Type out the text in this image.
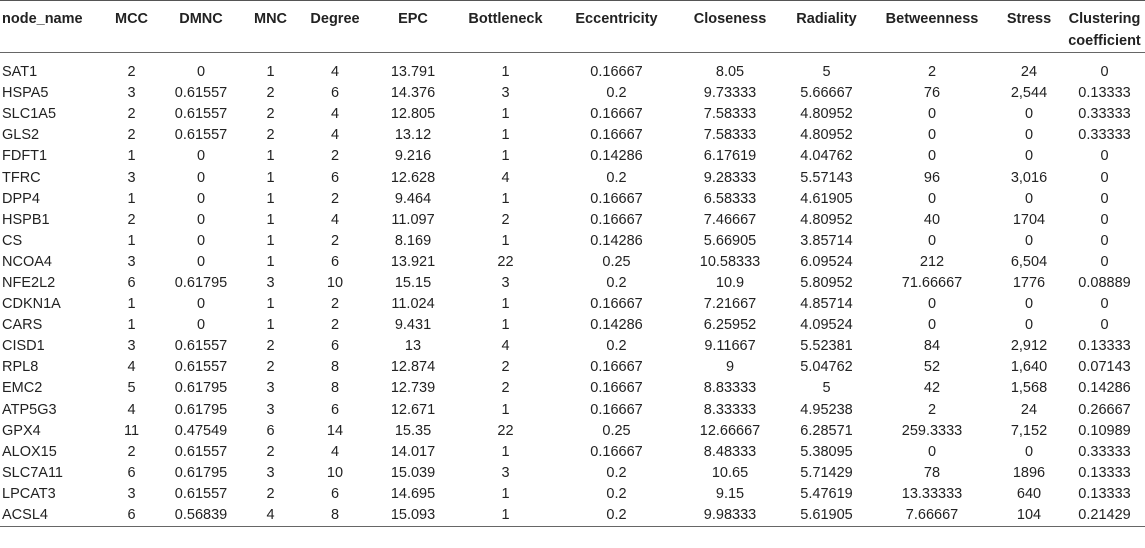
node_name	MCC	DMNC	MNC	Degree	EPC	Bottleneck	Eccentricity	Closeness	Radiality	Betweenness	Stress	Clustering coefficient
SAT1	2	0	1	4	13.791	1	0.16667	8.05	5	2	24	0
HSPA5	3	0.61557	2	6	14.376	3	0.2	9.73333	5.66667	76	2,544	0.13333
SLC1A5	2	0.61557	2	4	12.805	1	0.16667	7.58333	4.80952	0	0	0.33333
GLS2	2	0.61557	2	4	13.12	1	0.16667	7.58333	4.80952	0	0	0.33333
FDFT1	1	0	1	2	9.216	1	0.14286	6.17619	4.04762	0	0	0
TFRC	3	0	1	6	12.628	4	0.2	9.28333	5.57143	96	3,016	0
DPP4	1	0	1	2	9.464	1	0.16667	6.58333	4.61905	0	0	0
HSPB1	2	0	1	4	11.097	2	0.16667	7.46667	4.80952	40	1704	0
CS	1	0	1	2	8.169	1	0.14286	5.66905	3.85714	0	0	0
NCOA4	3	0	1	6	13.921	22	0.25	10.58333	6.09524	212	6,504	0
NFE2L2	6	0.61795	3	10	15.15	3	0.2	10.9	5.80952	71.66667	1776	0.08889
CDKN1A	1	0	1	2	11.024	1	0.16667	7.21667	4.85714	0	0	0
CARS	1	0	1	2	9.431	1	0.14286	6.25952	4.09524	0	0	0
CISD1	3	0.61557	2	6	13	4	0.2	9.11667	5.52381	84	2,912	0.13333
RPL8	4	0.61557	2	8	12.874	2	0.16667	9	5.04762	52	1,640	0.07143
EMC2	5	0.61795	3	8	12.739	2	0.16667	8.83333	5	42	1,568	0.14286
ATP5G3	4	0.61795	3	6	12.671	1	0.16667	8.33333	4.95238	2	24	0.26667
GPX4	11	0.47549	6	14	15.35	22	0.25	12.66667	6.28571	259.3333	7,152	0.10989
ALOX15	2	0.61557	2	4	14.017	1	0.16667	8.48333	5.38095	0	0	0.33333
SLC7A11	6	0.61795	3	10	15.039	3	0.2	10.65	5.71429	78	1896	0.13333
LPCAT3	3	0.61557	2	6	14.695	1	0.2	9.15	5.47619	13.33333	640	0.13333
ACSL4	6	0.56839	4	8	15.093	1	0.2	9.98333	5.61905	7.66667	104	0.21429
